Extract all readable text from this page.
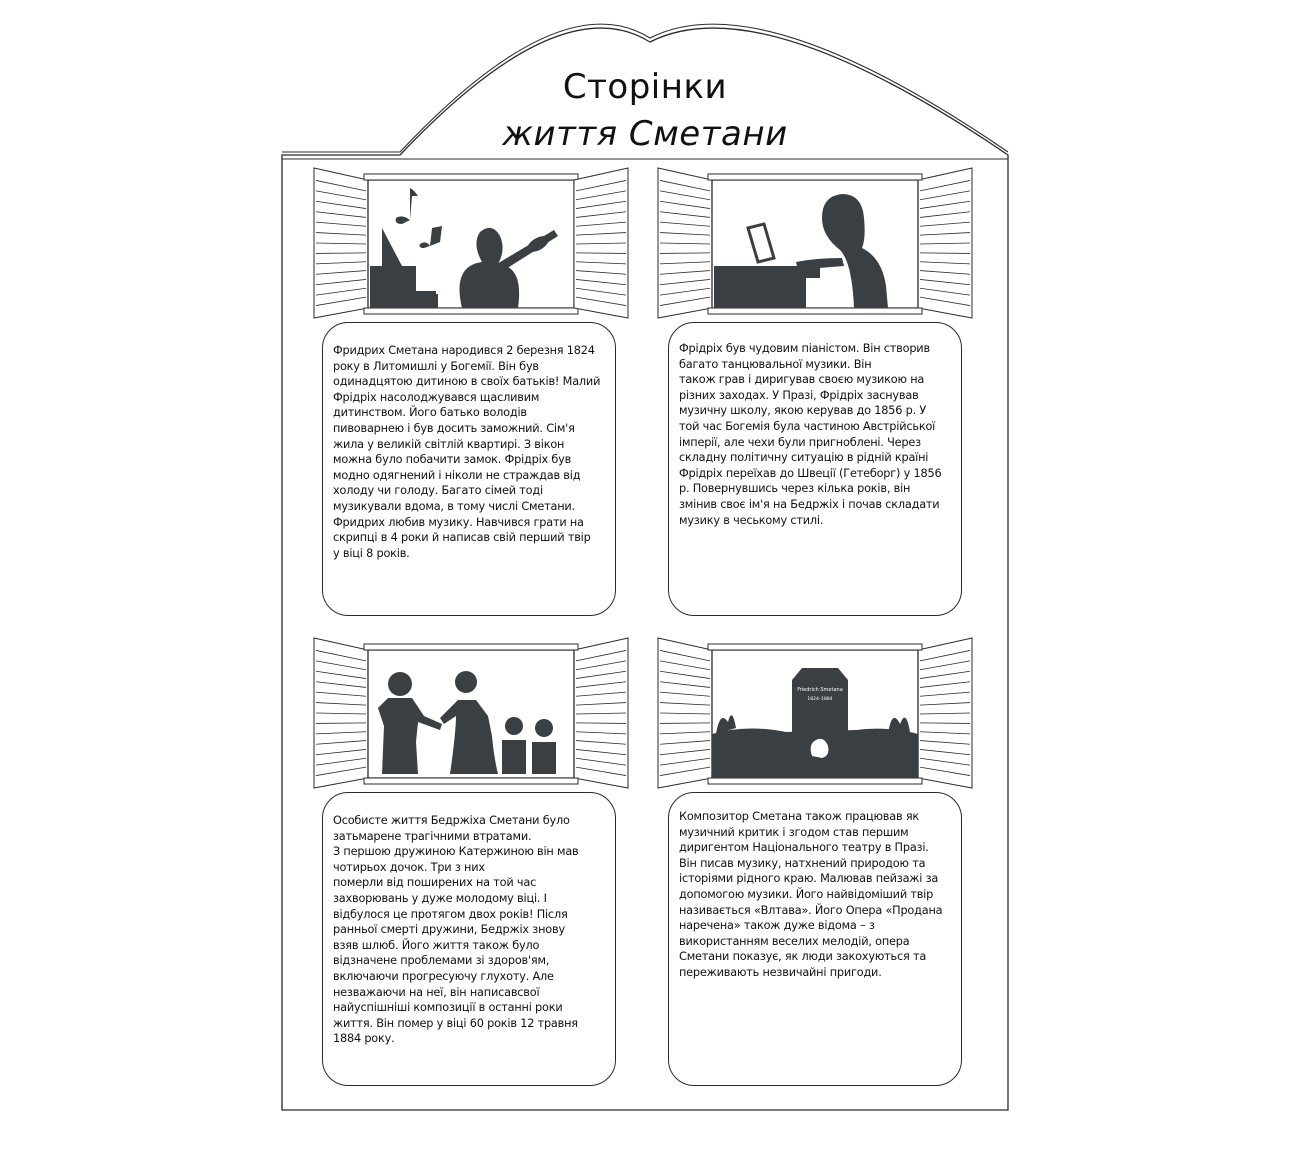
Сторінки
життя Сметани
Friedrich Smetana
1824–1884
Фридрих Сметана народився 2 березня 1824
року в Литомишлі у Богемії. Він був
одинадцятою дитиною в своїх батьків! Малий
Фрідріх насолоджувався щасливим
дитинством. Його батько володів
пивоварнею і був досить заможний. Сім'я
жила у великій світлій квартирі. З вікон
можна було побачити замок. Фрідріх був
модно одягнений і ніколи не страждав від
холоду чи голоду. Багато сімей тоді
музикували вдома, в тому числі Сметани.
Фридрих любив музику. Навчився грати на
скрипці в 4 роки й написав свій перший твір
у віці 8 років.
Фрідріх був чудовим піаністом. Він створив
багато танцювальної музики. Він
також грав і диригував своєю музикою на
різних заходах. У Празі, Фрідріх заснував
музичну школу, якою керував до 1856 р. У
той час Богемія була частиною Австрійської
імперії, але чехи були пригноблені. Через
складну політичну ситуацію в рідній країні
Фрідріх переїхав до Швеції (Гетеборг) у 1856
р. Повернувшись через кілька років, він
змінив своє ім'я на Бедржіх і почав складати
музику в чеському стилі.
Особисте життя Бедржіха Сметани було
затьмарене трагічними втратами.
З першою дружиною Катержиною він мав
чотирьох дочок. Три з них
померли від поширених на той час
захворювань у дуже молодому віці. І
відбулося це протягом двох років! Після
ранньої смерті дружини, Бедржіх знову
взяв шлюб. Його життя також було
відзначене проблемами зі здоров'ям,
включаючи прогресуючу глухоту. Але
незважаючи на неї, він написавсвої
найуспішніші композиції в останні роки
життя. Він помер у віці 60 років 12 травня
1884 року.
Композитор Сметана також працював як
музичний критик і згодом став першим
диригентом Національного театру в Празі.
Він писав музику, натхнений природою та
історіями рідного краю. Малював пейзажі за
допомогою музики. Його найвідоміший твір
називається «Влтава». Його Опера «Продана
наречена» також дуже відома – з
використанням веселих мелодій, опера
Сметани показує, як люди закохуються та
переживають незвичайні пригоди.
